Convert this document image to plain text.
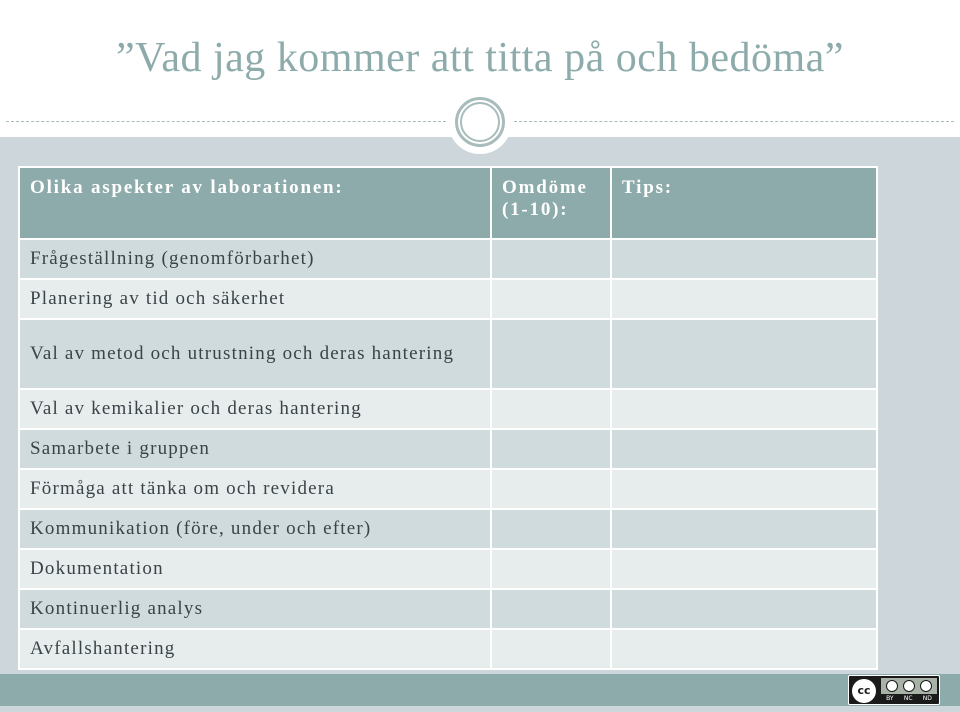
”Vad jag kommer att titta på och bedöma”
Olika aspekter av laborationen:	Omdöme (1-10):	Tips:
Frågeställning (genomförbarhet)		
Planering av tid och säkerhet		
Val av metod och utrustning och deras hantering		
Val av kemikalier och deras hantering		
Samarbete i gruppen		
Förmåga att tänka om och revidera		
Kommunikation (före, under och efter)		
Dokumentation		
Kontinuerlig analys		
Avfallshantering		
cc
BY NC ND
